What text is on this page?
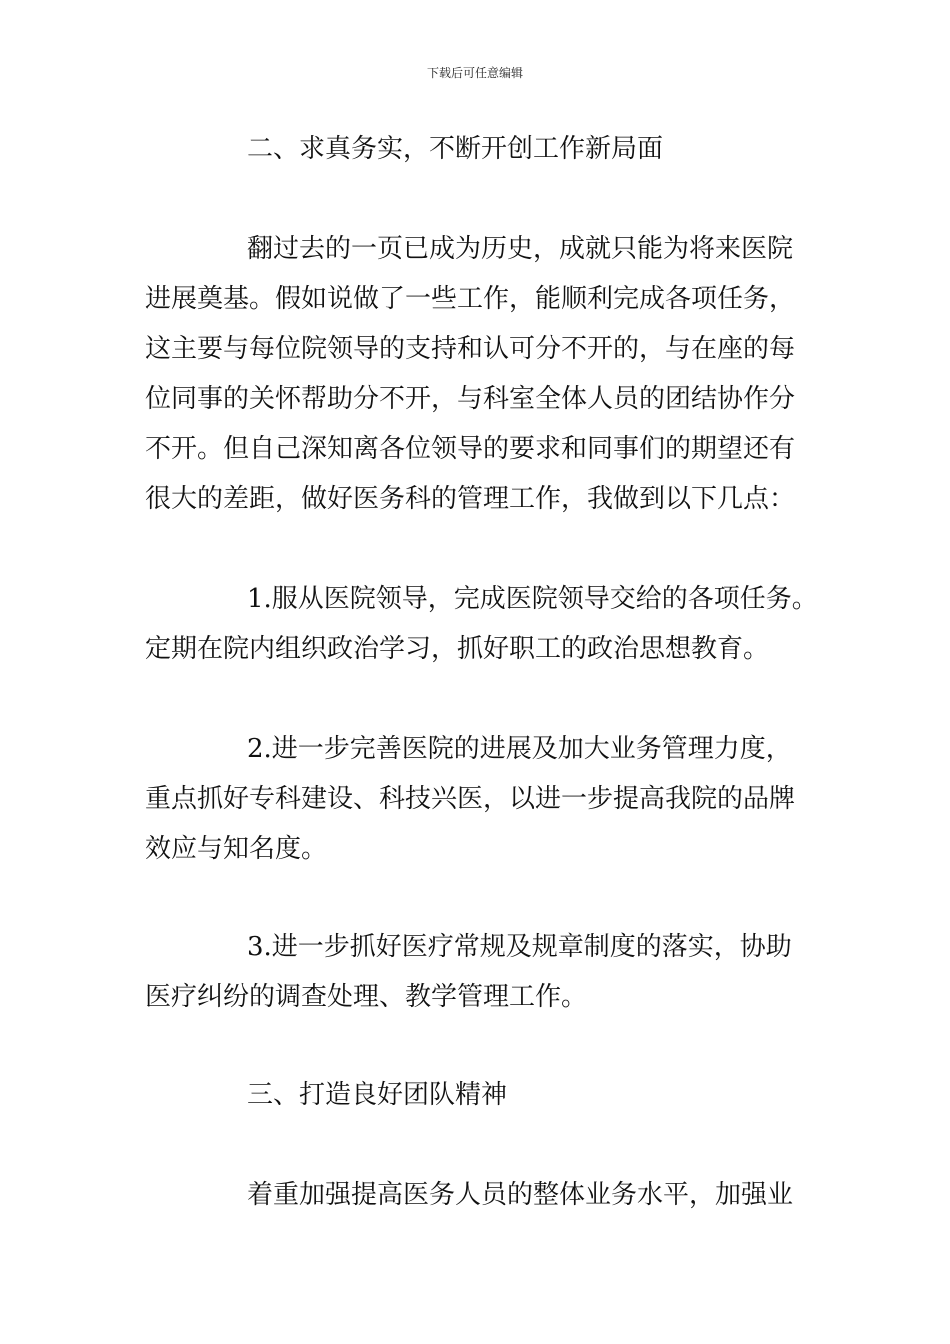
下载后可任意编辑
二、求真务实，不断开创工作新局面
翻过去的一页已成为历史，成就只能为将来医院
进展奠基。假如说做了一些工作，能顺利完成各项任务，
这主要与每位院领导的支持和认可分不开的，与在座的每
位同事的关怀帮助分不开，与科室全体人员的团结协作分
不开。但自己深知离各位领导的要求和同事们的期望还有
很大的差距，做好医务科的管理工作，我做到以下几点：
1.服从医院领导，完成医院领导交给的各项任务。
定期在院内组织政治学习，抓好职工的政治思想教育。
2.进一步完善医院的进展及加大业务管理力度，
重点抓好专科建设、科技兴医，以进一步提高我院的品牌
效应与知名度。
3.进一步抓好医疗常规及规章制度的落实，协助
医疗纠纷的调查处理、教学管理工作。
三、打造良好团队精神
着重加强提高医务人员的整体业务水平，加强业
